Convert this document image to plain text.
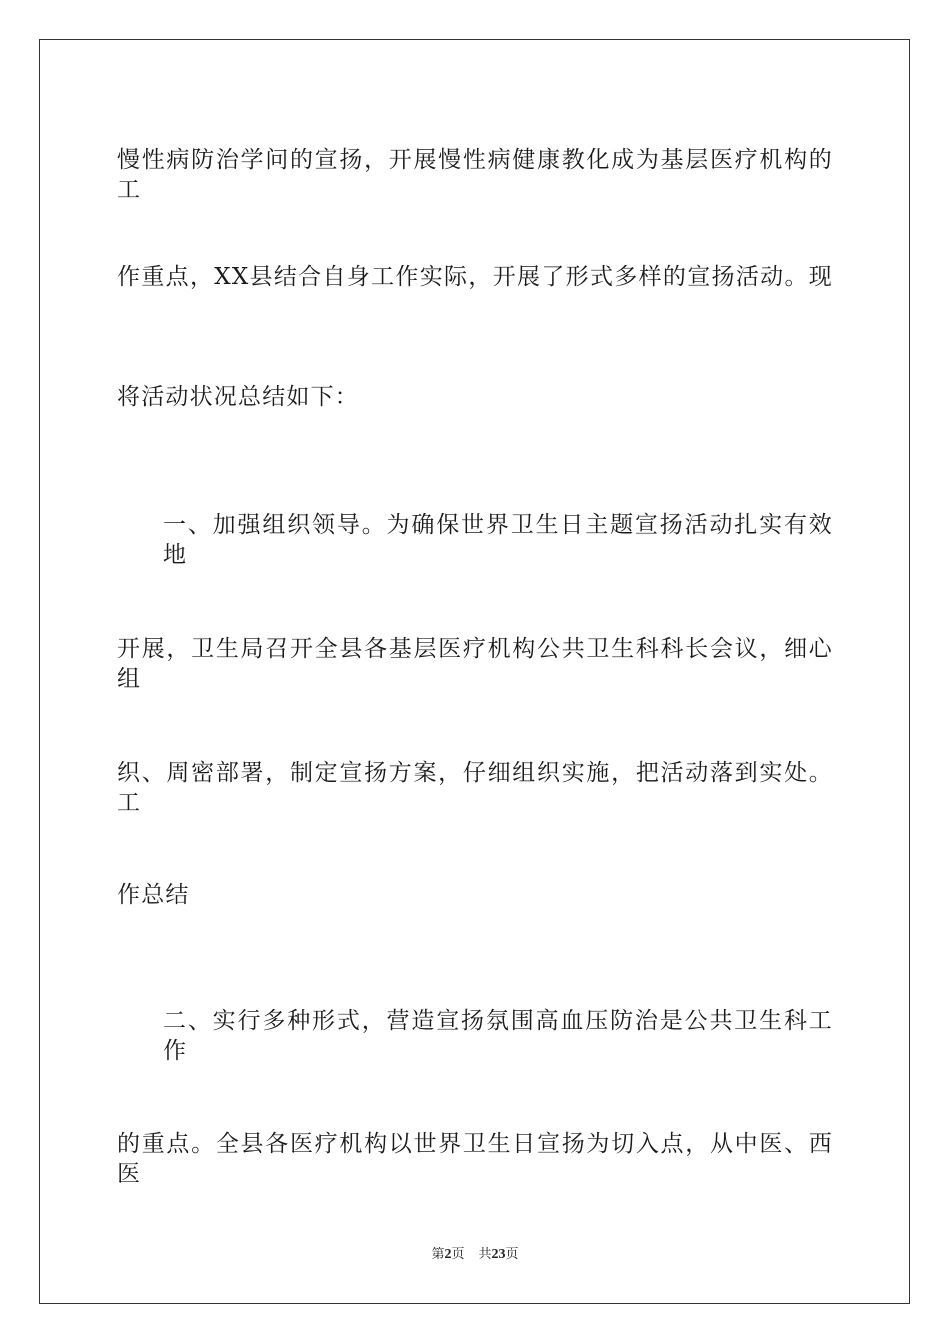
慢性病防治学问的宣扬，开展慢性病健康教化成为基层医疗机构的工
作重点，XX县结合自身工作实际，开展了形式多样的宣扬活动。现
将活动状况总结如下：
一、加强组织领导。为确保世界卫生日主题宣扬活动扎实有效地
开展，卫生局召开全县各基层医疗机构公共卫生科科长会议，细心组
织、周密部署，制定宣扬方案，仔细组织实施，把活动落到实处。工
作总结
二、实行多种形式，营造宣扬氛围高血压防治是公共卫生科工作
的重点。全县各医疗机构以世界卫生日宣扬为切入点，从中医、西医
第2页 共23页
